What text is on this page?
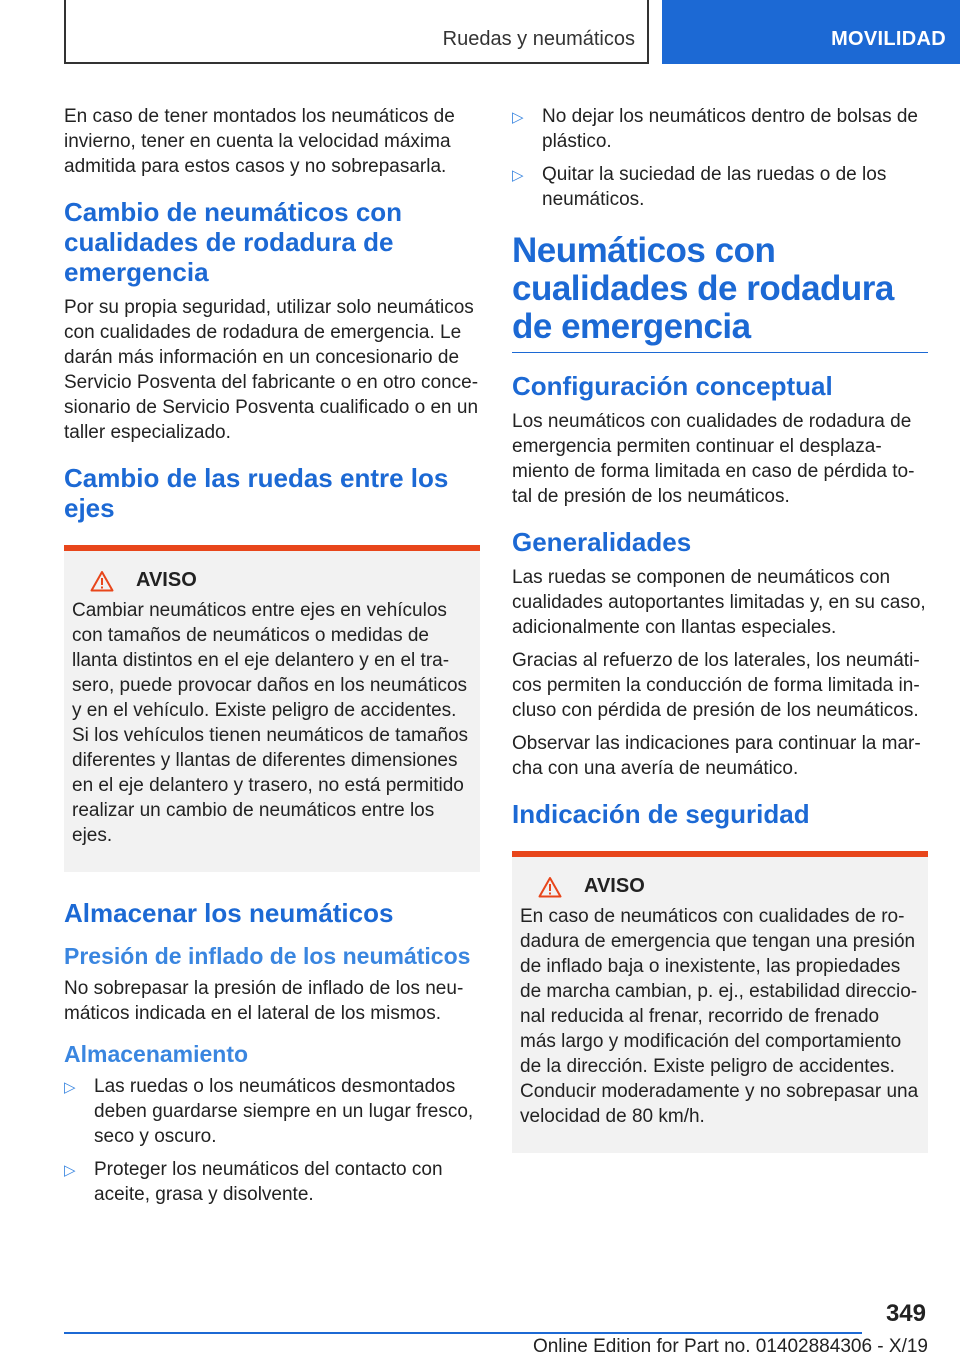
Ruedas y neumáticos	MOVILIDAD

En caso de tener montados los neumáticos de invierno, tener en cuenta la velocidad máxima admitida para estos casos y no sobrepasarla.

Cambio de neumáticos con cualidades de rodadura de emergencia

Por su propia seguridad, utilizar solo neumáticos con cualidades de rodadura de emergencia. Le darán más información en un concesionario de Servicio Posventa del fabricante o en otro concesionario de Servicio Posventa cualificado o en un taller especializado.

Cambio de las ruedas entre los ejes
AVISO

Cambiar neumáticos entre ejes en vehículos con tamaños de neumáticos o medidas de llanta distintos en el eje delantero y en el trasero, puede provocar daños en los neumáticos y en el vehículo. Existe peligro de accidentes. Si los vehículos tienen neumáticos de tamaños diferentes y llantas de diferentes dimensiones en el eje delantero y trasero, no está permitido realizar un cambio de neumáticos entre los ejes.

Almacenar los neumáticos
Presión de inflado de los neumáticos

No sobrepasar la presión de inflado de los neumáticos indicada en el lateral de los mismos.

Almacenamiento
▷ Las ruedas o los neumáticos desmontados deben guardarse siempre en un lugar fresco, seco y oscuro.
▷ Proteger los neumáticos del contacto con aceite, grasa y disolvente.
▷ No dejar los neumáticos dentro de bolsas de plástico.
▷ Quitar la suciedad de las ruedas o de los neumáticos.
Neumáticos con cualidades de rodadura de emergencia
Configuración conceptual

Los neumáticos con cualidades de rodadura de emergencia permiten continuar el desplazamiento de forma limitada en caso de pérdida total de presión de los neumáticos.

Generalidades

Las ruedas se componen de neumáticos con cualidades autoportantes limitadas y, en su caso, adicionalmente con llantas especiales.

Gracias al refuerzo de los laterales, los neumáticos permiten la conducción de forma limitada incluso con pérdida de presión de los neumáticos.

Observar las indicaciones para continuar la marcha con una avería de neumático.

Indicación de seguridad
AVISO

En caso de neumáticos con cualidades de rodadura de emergencia que tengan una presión de inflado baja o inexistente, las propiedades de marcha cambian, p. ej., estabilidad direccional reducida al frenar, recorrido de frenado más largo y modificación del comportamiento de la dirección. Existe peligro de accidentes. Conducir moderadamente y no sobrepasar una velocidad de 80 km/h.

349
Online Edition for Part no. 01402884306 - X/19
